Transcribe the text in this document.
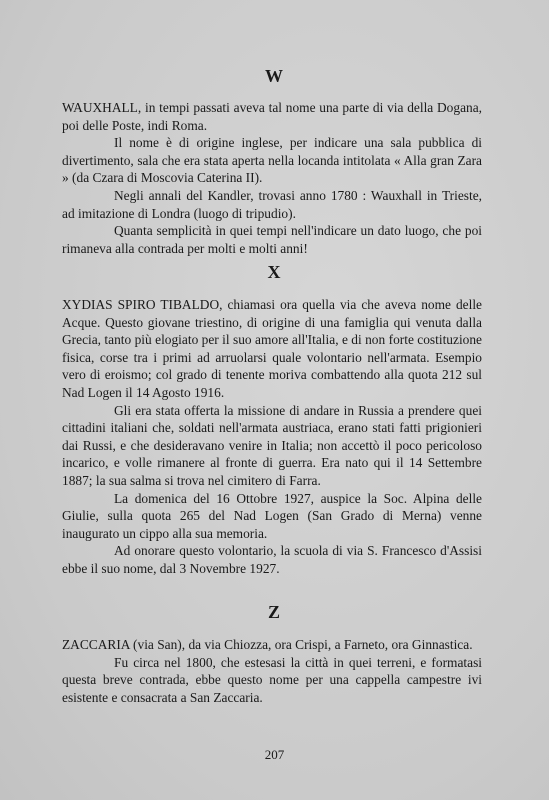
W

WAUXHALL, in tempi passati aveva tal nome una parte di via della Dogana, poi delle Poste, indi Roma.

Il nome è di origine inglese, per indicare una sala pubblica di divertimento, sala che era stata aperta nella locanda intitolata « Alla gran Zara » (da Czara di Moscovia Caterina II).

Negli annali del Kandler, trovasi anno 1780 : Wauxhall in Trieste, ad imitazione di Londra (luogo di tripudio).

Quanta semplicità in quei tempi nell'indicare un dato luogo, che poi rimaneva alla contrada per molti e molti anni!

X

XYDIAS SPIRO TIBALDO, chiamasi ora quella via che aveva nome delle Acque. Questo giovane triestino, di origine di una famiglia qui venuta dalla Grecia, tanto più elogiato per il suo amore all'Italia, e di non forte costituzione fisica, corse tra i primi ad arruolarsi quale volontario nell'armata. Esempio vero di eroismo; col grado di tenente moriva combattendo alla quota 212 sul Nad Logen il 14 Agosto 1916.

Gli era stata offerta la missione di andare in Russia a prendere quei cittadini italiani che, soldati nell'armata austriaca, erano stati fatti prigionieri dai Russi, e che desideravano venire in Italia; non accettò il poco pericoloso incarico, e volle rimanere al fronte di guerra. Era nato qui il 14 Settembre 1887; la sua salma si trova nel cimitero di Farra.

La domenica del 16 Ottobre 1927, auspice la Soc. Alpina delle Giulie, sulla quota 265 del Nad Logen (San Grado di Merna) venne inaugurato un cippo alla sua memoria.

Ad onorare questo volontario, la scuola di via S. Francesco d'Assisi ebbe il suo nome, dal 3 Novembre 1927.

Z

ZACCARIA (via San), da via Chiozza, ora Crispi, a Farneto, ora Ginnastica.

Fu circa nel 1800, che estesasi la città in quei terreni, e formatasi questa breve contrada, ebbe questo nome per una cappella campestre ivi esistente e consacrata a San Zaccaria.

207
